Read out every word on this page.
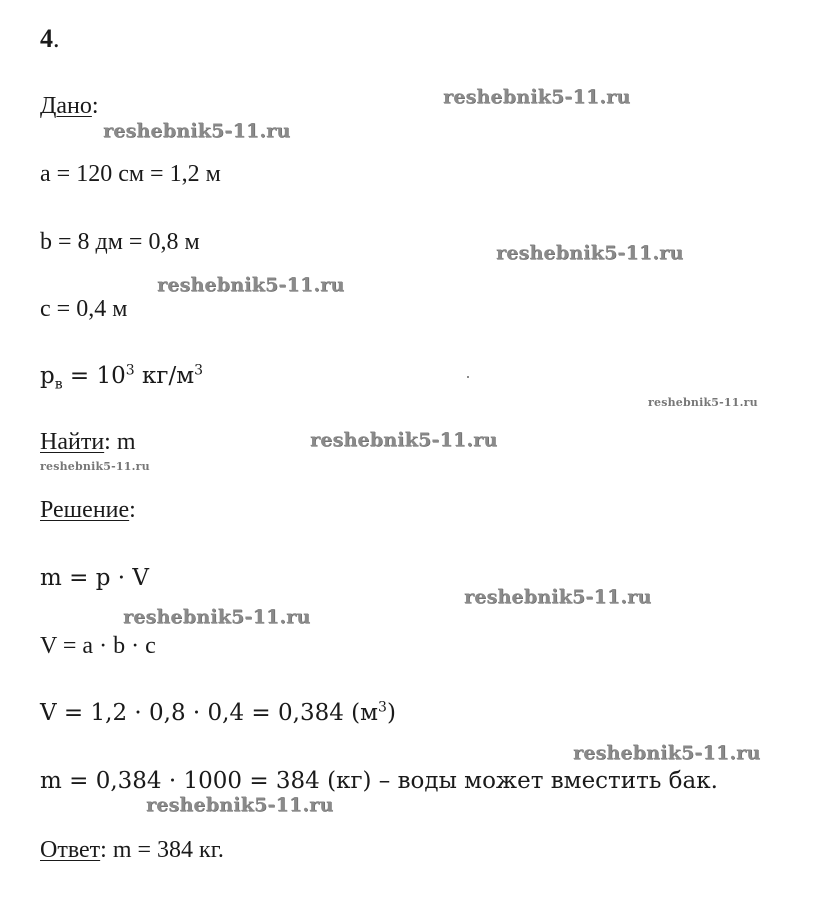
4.
Дано:
a = 120 см = 1,2 м
b = 8 дм = 0,8 м
c = 0,4 м
$p_в = 10^3$ $кг/м^3$
Найти: m
Решение:
m = p · V
V = a · b · c
V = 1,2 · 0,8 · 0,4 = 0,384 $(м^3)$
m = 0,384 · 1000 = 384 (кг) – воды может вместить бак.
Ответ: m = 384 кг.
reshebnik5-11.ru
reshebnik5-11.ru
reshebnik5-11.ru
reshebnik5-11.ru
reshebnik5-11.ru
reshebnik5-11.ru
reshebnik5-11.ru
reshebnik5-11.ru
reshebnik5-11.ru
reshebnik5-11.ru
reshebnik5-11.ru
